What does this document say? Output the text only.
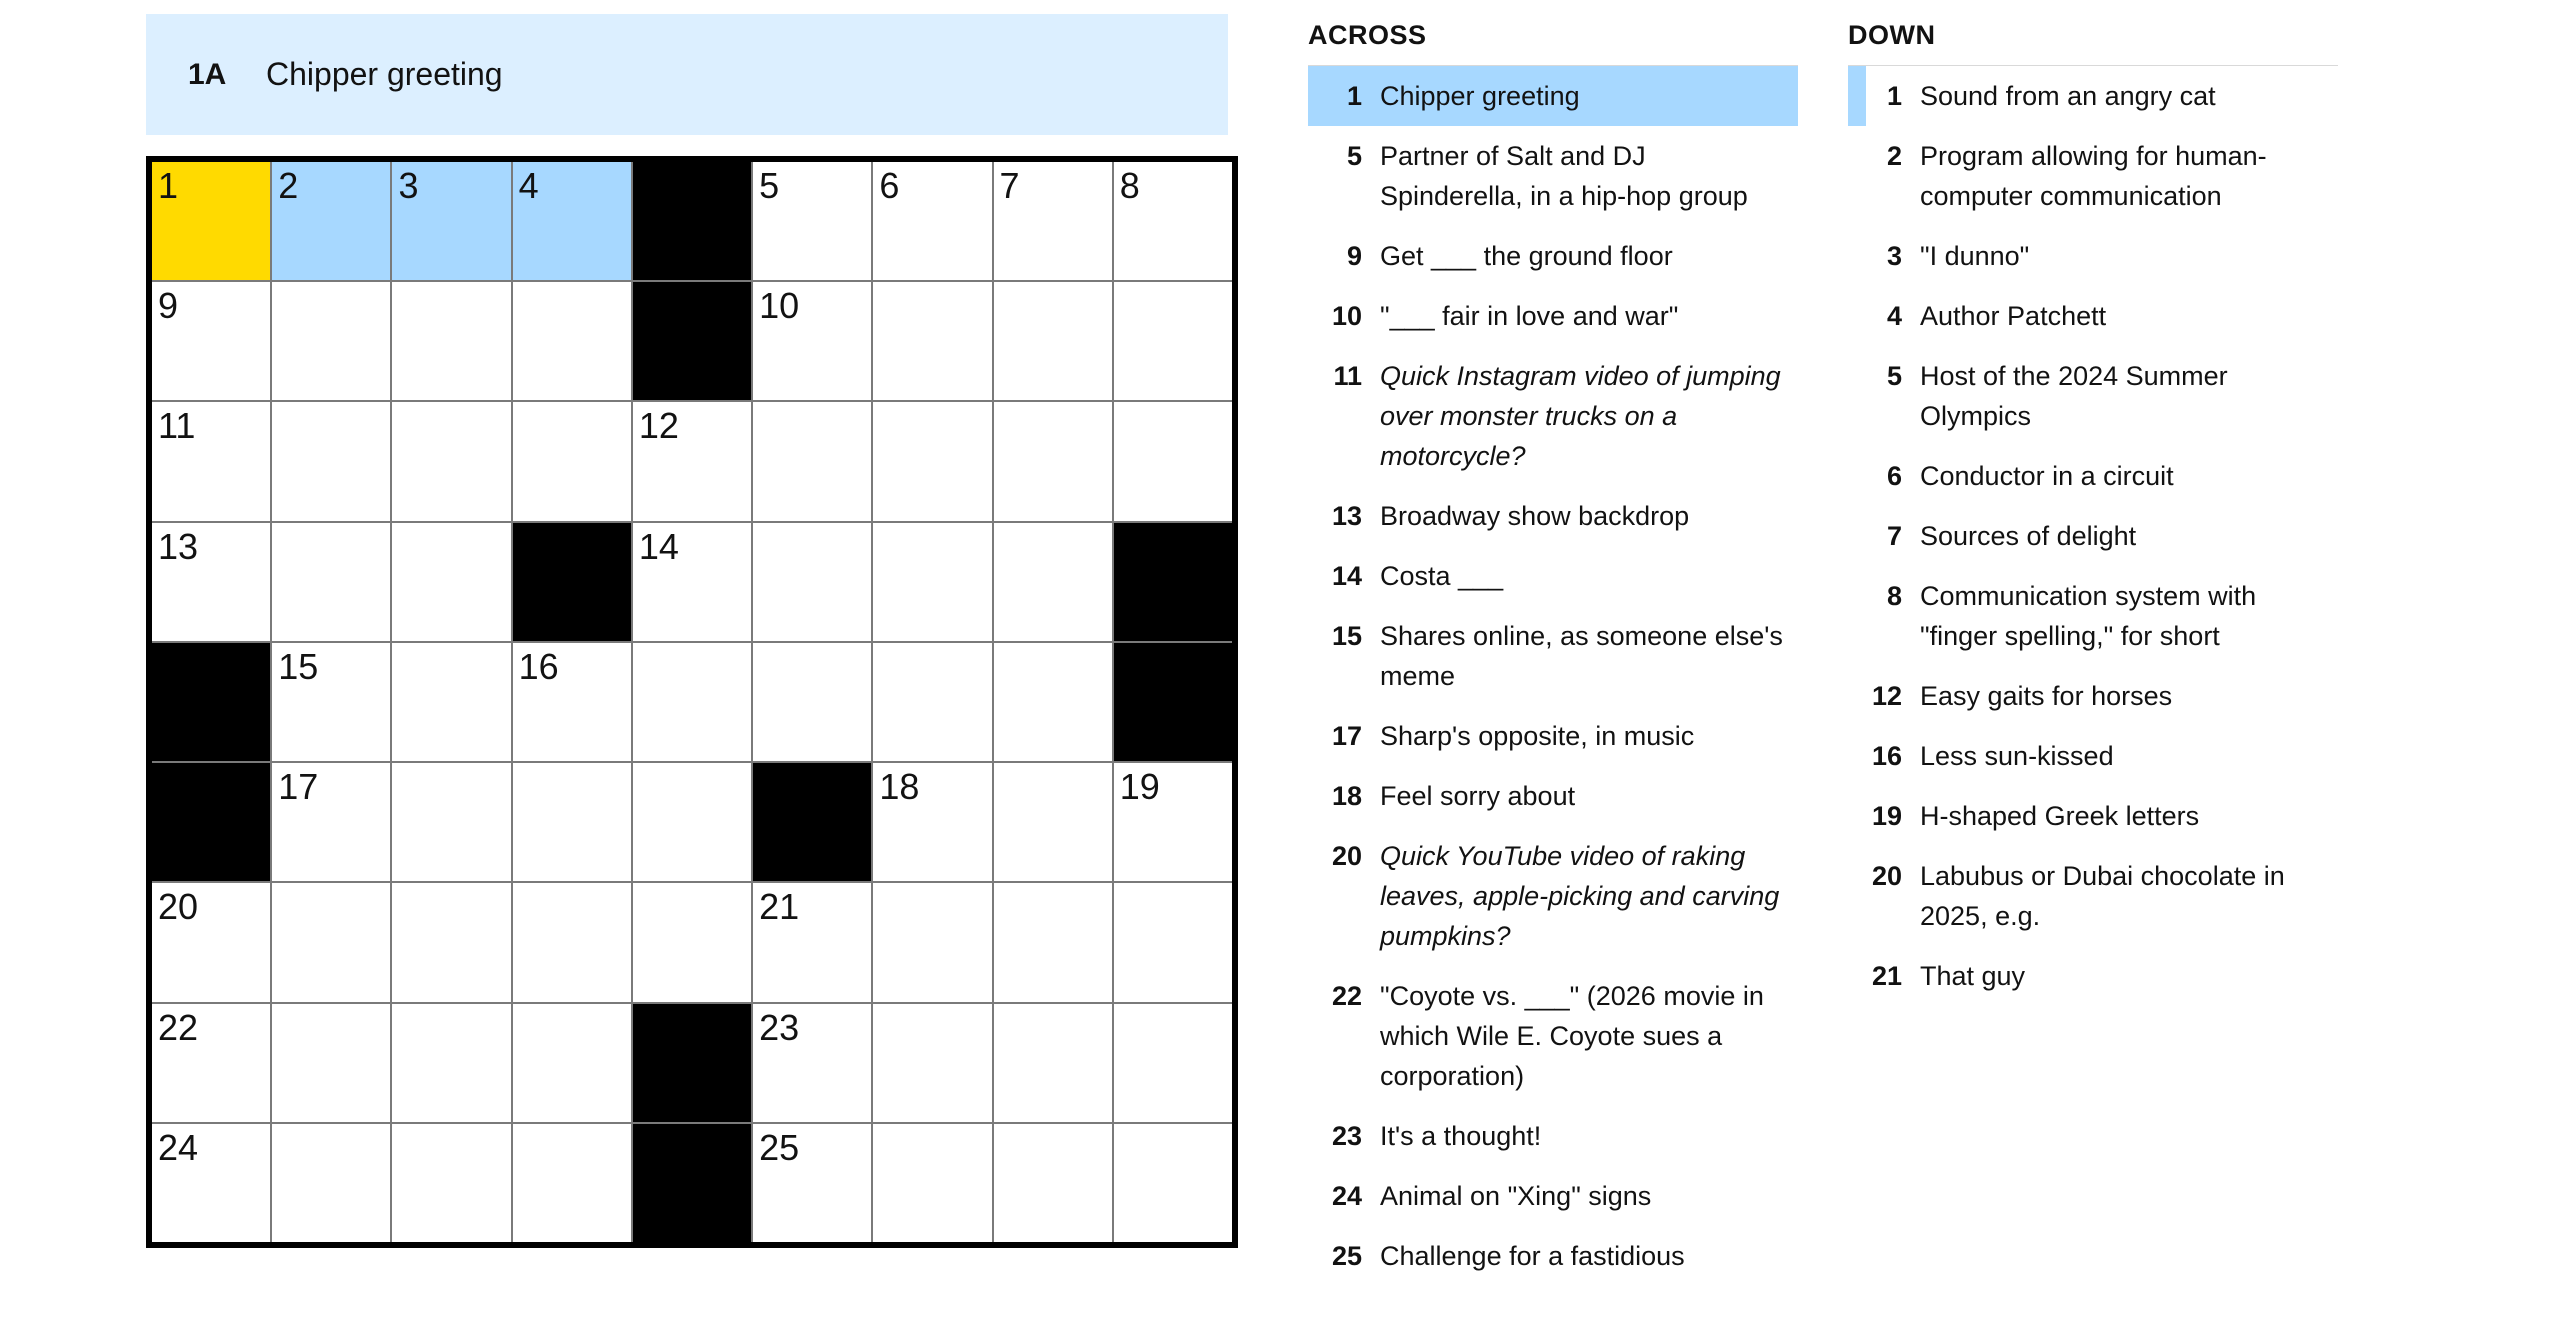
1A	Chipper greeting
1	2	3	4	5	6	7	8
9	10
11	12
13	14
15	16
17	18	19
20	21
22	23
24	25
ACROSS
1 Chipper greeting
5 Partner of Salt and DJ Spinderella, in a hip-hop group
9 Get ___ the ground floor
10 "___ fair in love and war"
11 Quick Instagram video of jumping over monster trucks on a motorcycle?
13 Broadway show backdrop
14 Costa ___
15 Shares online, as someone else's meme
17 Sharp's opposite, in music
18 Feel sorry about
20 Quick YouTube video of raking leaves, apple-picking and carving pumpkins?
22 "Coyote vs. ___" (2026 movie in which Wile E. Coyote sues a corporation)
23 It's a thought!
24 Animal on "Xing" signs
25 Challenge for a fastidious
DOWN
1 Sound from an angry cat
2 Program allowing for human-computer communication
3 "I dunno"
4 Author Patchett
5 Host of the 2024 Summer Olympics
6 Conductor in a circuit
7 Sources of delight
8 Communication system with "finger spelling," for short
12 Easy gaits for horses
16 Less sun-kissed
19 H-shaped Greek letters
20 Labubus or Dubai chocolate in 2025, e.g.
21 That guy
